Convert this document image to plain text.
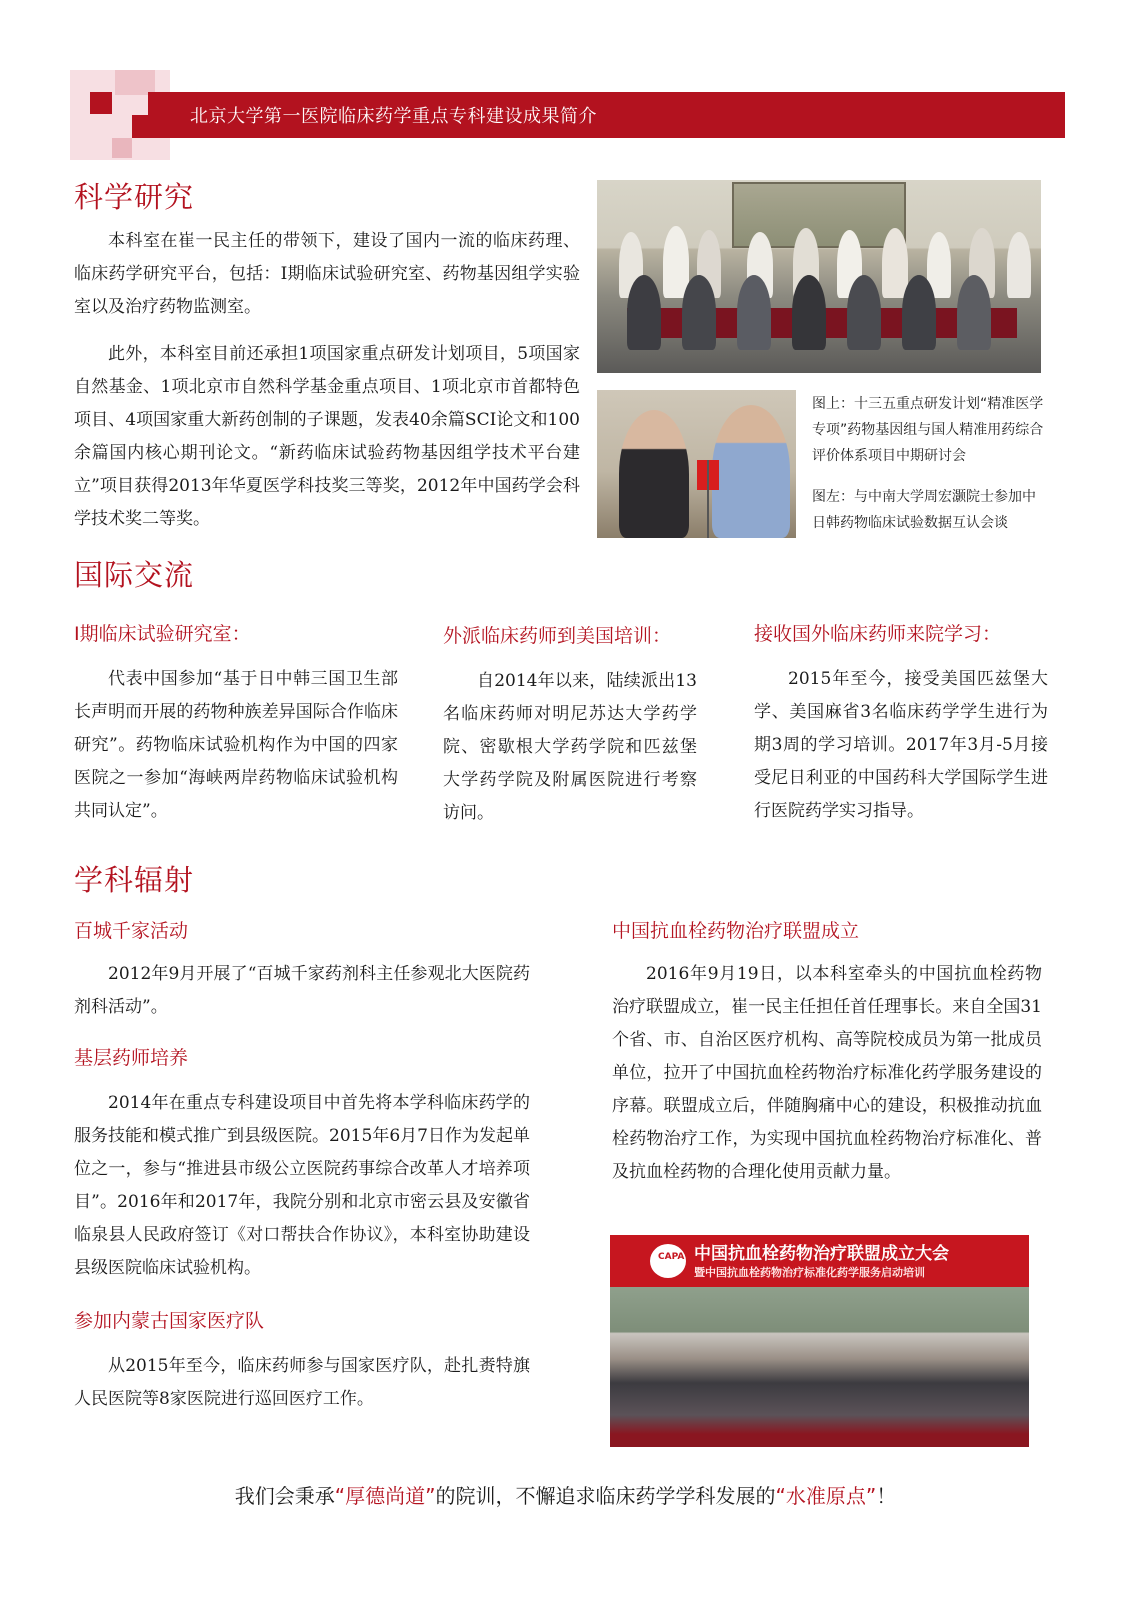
北京大学第一医院临床药学重点专科建设成果简介
科学研究

本科室在崔一民主任的带领下，建设了国内一流的临床药理、临床药学研究平台，包括：I期临床试验研究室、药物基因组学实验室以及治疗药物监测室。

此外，本科室目前还承担1项国家重点研发计划项目，5项国家自然基金、1项北京市自然科学基金重点项目、1项北京市首都特色项目、4项国家重大新药创制的子课题，发表40余篇SCI论文和100余篇国内核心期刊论文。“新药临床试验药物基因组学技术平台建立”项目获得2013年华夏医学科技奖三等奖，2012年中国药学会科学技术奖二等奖。

图上：十三五重点研发计划“精准医学专项”药物基因组与国人精准用药综合评价体系项目中期研讨会

图左：与中南大学周宏灏院士参加中日韩药物临床试验数据互认会谈

国际交流
I期临床试验研究室：

代表中国参加“基于日中韩三国卫生部长声明而开展的药物种族差异国际合作临床研究”。药物临床试验机构作为中国的四家医院之一参加“海峡两岸药物临床试验机构共同认定”。

外派临床药师到美国培训：

自2014年以来，陆续派出13名临床药师对明尼苏达大学药学院、密歇根大学药学院和匹兹堡大学药学院及附属医院进行考察访问。

接收国外临床药师来院学习：

2015年至今，接受美国匹兹堡大学、美国麻省3名临床药学学生进行为期3周的学习培训。2017年3月-5月接受尼日利亚的中国药科大学国际学生进行医院药学实习指导。

学科辐射
百城千家活动

2012年9月开展了“百城千家药剂科主任参观北大医院药剂科活动”。

基层药师培养

2014年在重点专科建设项目中首先将本学科临床药学的服务技能和模式推广到县级医院。2015年6月7日作为发起单位之一，参与“推进县市级公立医院药事综合改革人才培养项目”。2016年和2017年，我院分别和北京市密云县及安徽省临泉县人民政府签订《对口帮扶合作协议》，本科室协助建设县级医院临床试验机构。

参加内蒙古国家医疗队

从2015年至今，临床药师参与国家医疗队，赴扎赉特旗人民医院等8家医院进行巡回医疗工作。

中国抗血栓药物治疗联盟成立

2016年9月19日，以本科室牵头的中国抗血栓药物治疗联盟成立，崔一民主任担任首任理事长。来自全国31个省、市、自治区医疗机构、高等院校成员为第一批成员单位，拉开了中国抗血栓药物治疗标准化药学服务建设的序幕。联盟成立后，伴随胸痛中心的建设，积极推动抗血栓药物治疗工作，为实现中国抗血栓药物治疗标准化、普及抗血栓药物的合理化使用贡献力量。

CAPA 中国抗血栓药物治疗联盟成立大会
暨中国抗血栓药物治疗标准化药学服务启动培训
我们会秉承“厚德尚道”的院训，不懈追求临床药学学科发展的“水准原点”！
